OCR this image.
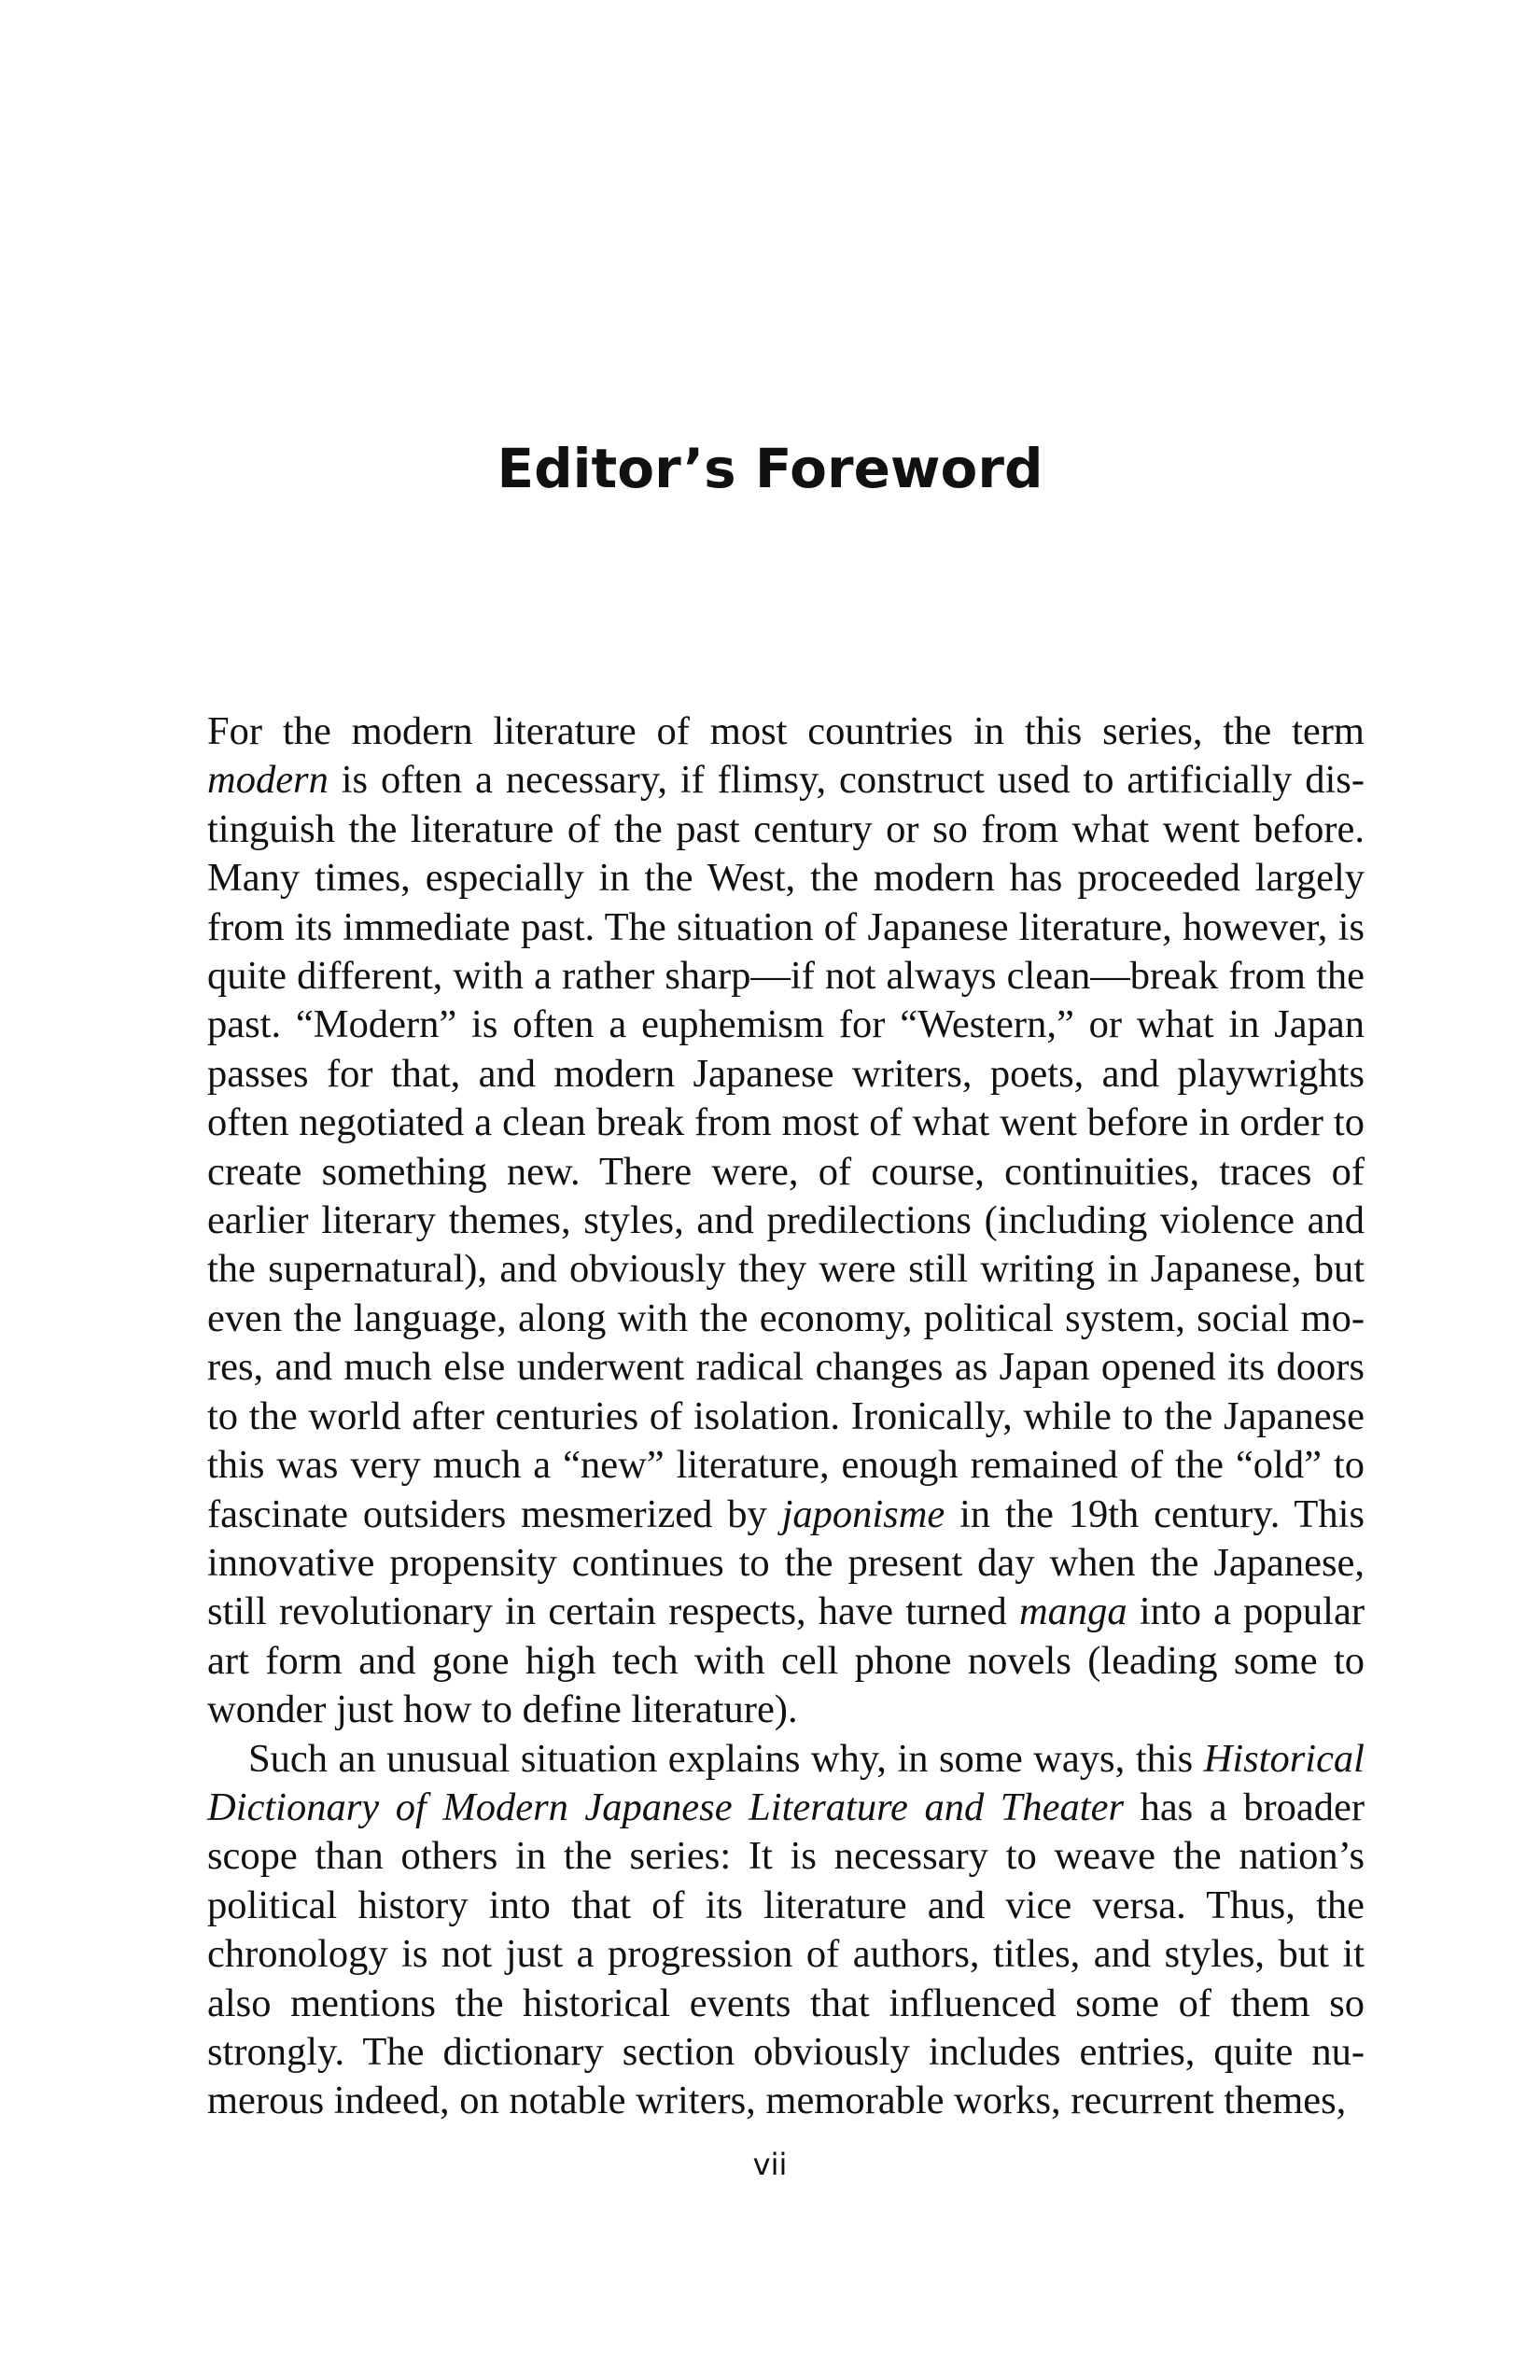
Editor’s Foreword

For the modern literature of most countries in this series, the term modern is often a necessary, if flimsy, construct used to artificially distinguish the literature of the past century or so from what went before. Many times, especially in the West, the modern has proceeded largely from its immediate past. The situation of Japanese literature, however, is quite different, with a rather sharp—if not always clean—break from the past. “Modern” is often a euphemism for “Western,” or what in Japan passes for that, and modern Japanese writers, poets, and playwrights often negotiated a clean break from most of what went before in order to create something new. There were, of course, continuities, traces of earlier literary themes, styles, and predilections (including violence and the supernatural), and obviously they were still writing in Japanese, but even the language, along with the economy, political system, social mores, and much else underwent radical changes as Japan opened its doors to the world after centuries of isolation. Ironically, while to the Japanese this was very much a “new” literature, enough remained of the “old” to fascinate outsiders mesmerized by japonisme in the 19th century. This innovative propensity continues to the present day when the Japanese, still revolutionary in certain respects, have turned manga into a popular art form and gone high tech with cell phone novels (leading some to wonder just how to define literature).

Such an unusual situation explains why, in some ways, this Historical Dictionary of Modern Japanese Literature and Theater has a broader scope than others in the series: It is necessary to weave the nation’s political history into that of its literature and vice versa. Thus, the chronology is not just a progression of authors, titles, and styles, but it also mentions the historical events that influenced some of them so strongly. The dictionary section obviously includes entries, quite numerous indeed, on notable writers, memorable works, recurrent themes,

vii
